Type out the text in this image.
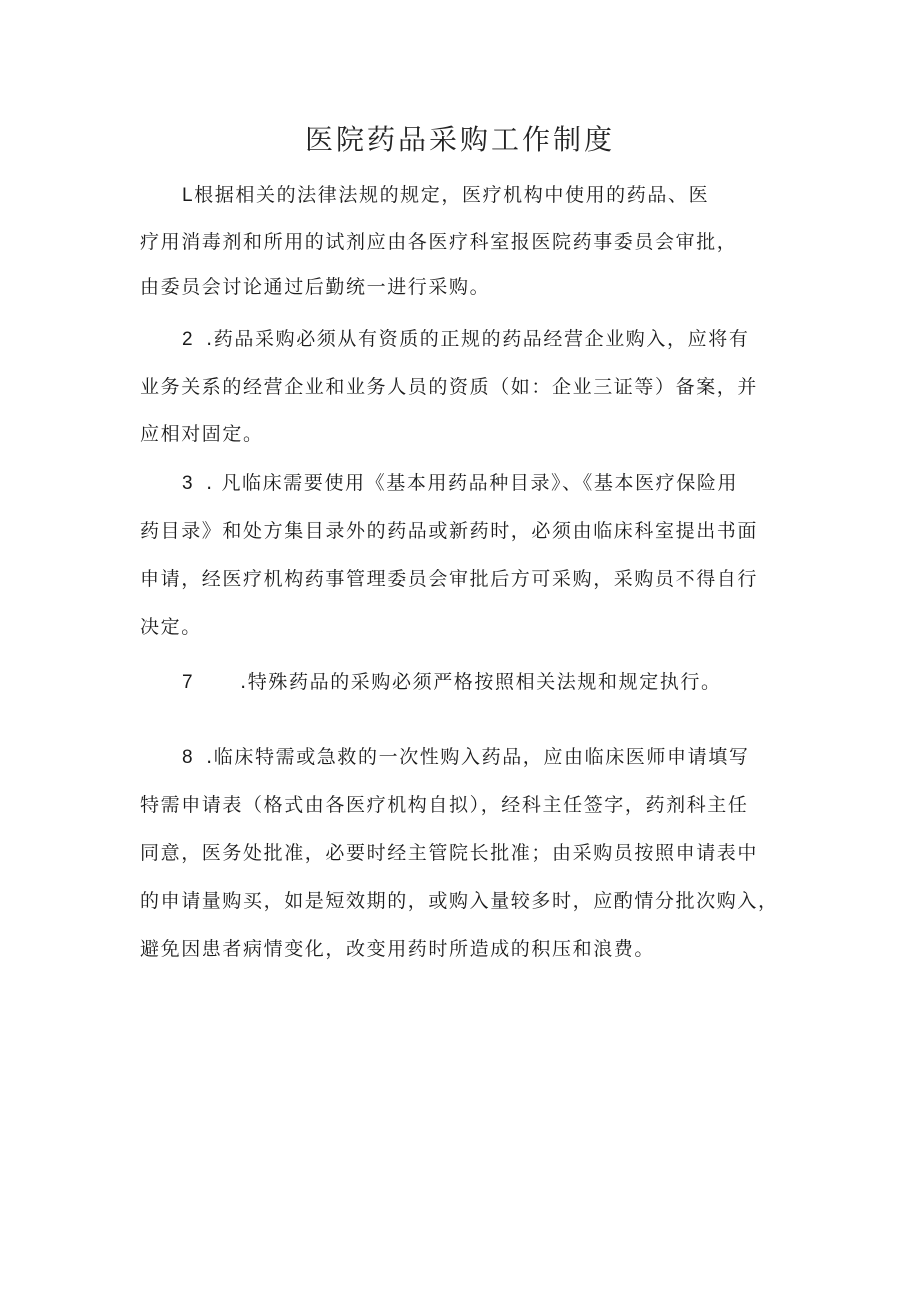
医院药品采购工作制度
L根据相关的法律法规的规定，医疗机构中使用的药品、医
疗用消毒剂和所用的试剂应由各医疗科室报医院药事委员会审批，
由委员会讨论通过后勤统一进行采购。
2 .药品采购必须从有资质的正规的药品经营企业购入，应将有
业务关系的经营企业和业务人员的资质（如：企业三证等）备案，并
应相对固定。
3 . 凡临床需要使用《基本用药品种目录》、《基本医疗保险用
药目录》和处方集目录外的药品或新药时，必须由临床科室提出书面
申请，经医疗机构药事管理委员会审批后方可采购，采购员不得自行
决定。
7 .特殊药品的采购必须严格按照相关法规和规定执行。
8 .临床特需或急救的一次性购入药品，应由临床医师申请填写
特需申请表（格式由各医疗机构自拟），经科主任签字，药剂科主任
同意，医务处批准，必要时经主管院长批准；由采购员按照申请表中
的申请量购买，如是短效期的，或购入量较多时，应酌情分批次购入，
避免因患者病情变化，改变用药时所造成的积压和浪费。
